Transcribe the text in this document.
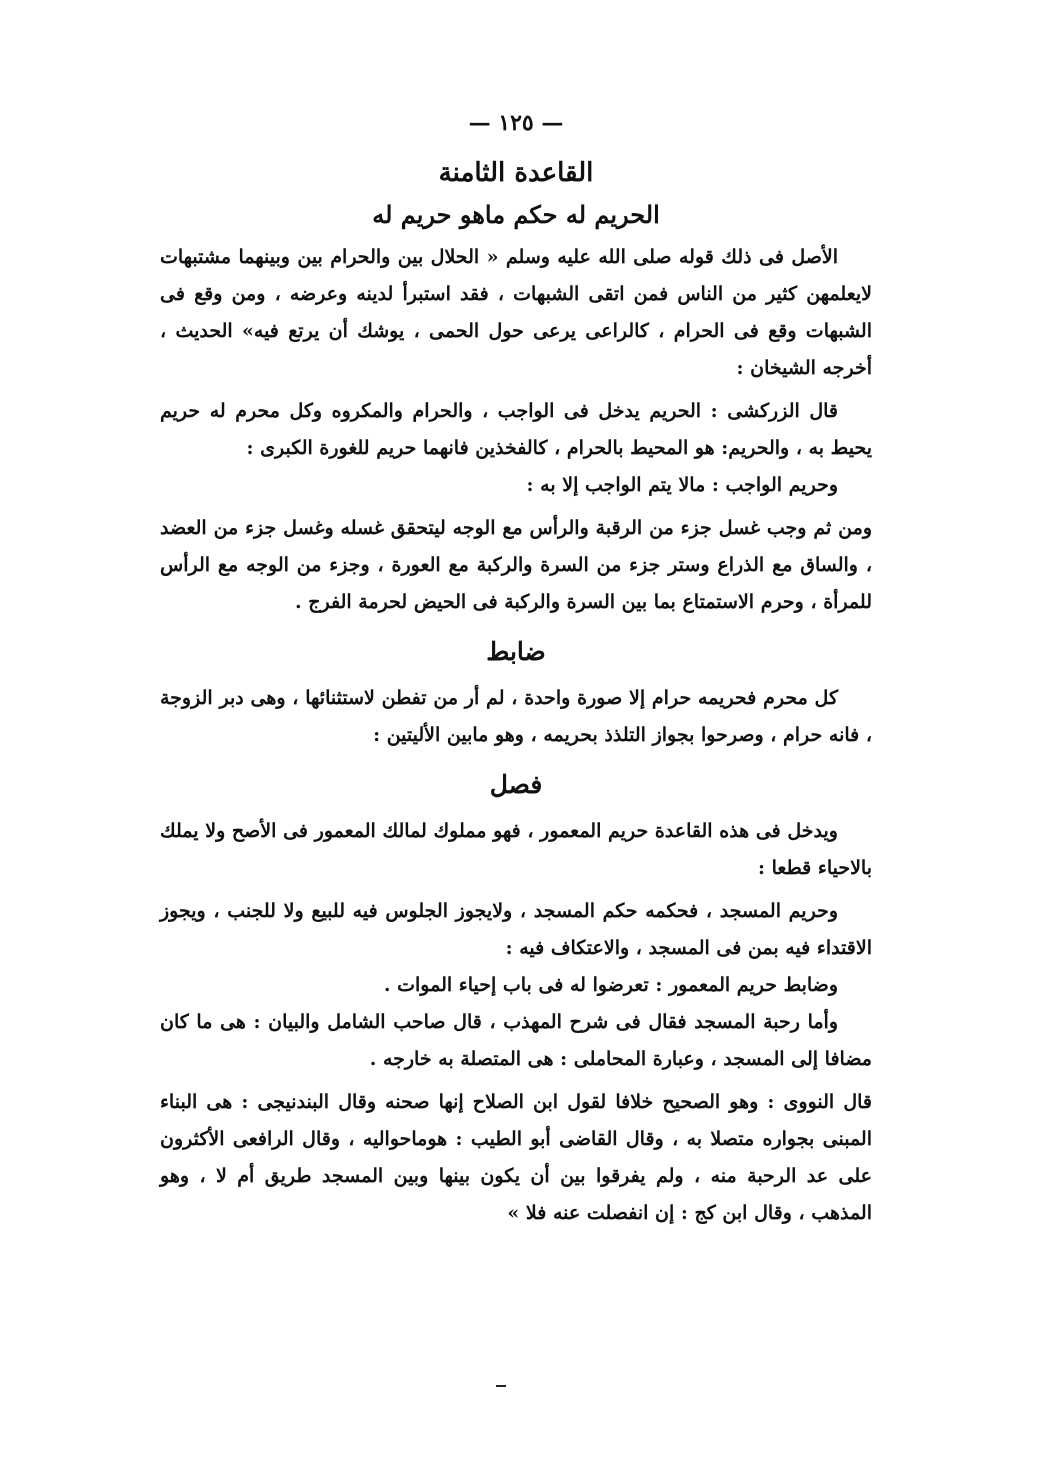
— ١٢٥ —
القاعدة الثامنة
الحريم له حكم ماهو حريم له

الأصل فى ذلك قوله صلى الله عليه وسلم « الحلال بين والحرام بين وبينهما مشتبهات لايعلمهن كثير من الناس فمن اتقى الشبهات ، فقد استبرأ لدينه وعرضه ، ومن وقع فى الشبهات وقع فى الحرام ، كالراعى يرعى حول الحمى ، يوشك أن يرتع فيه» الحديث ، أخرجه الشيخان :

قال الزركشى : الحريم يدخل فى الواجب ، والحرام والمكروه وكل محرم له حريم يحيط به ، والحريم: هو المحيط بالحرام ، كالفخذين فانهما حريم للغورة الكبرى :

وحريم الواجب : مالا يتم الواجب إلا به :

ومن ثم وجب غسل جزء من الرقبة والرأس مع الوجه ليتحقق غسله وغسل جزء من العضد ، والساق مع الذراع وستر جزء من السرة والركبة مع العورة ، وجزء من الوجه مع الرأس للمرأة ، وحرم الاستمتاع بما بين السرة والركبة فى الحيض لحرمة الفرج .

ضابط

كل محرم فحريمه حرام إلا صورة واحدة ، لم أر من تفطن لاستثنائها ، وهى دبر الزوجة ، فانه حرام ، وصرحوا بجواز التلذذ بحريمه ، وهو مابين الأليتين :

فصل

ويدخل فى هذه القاعدة حريم المعمور ، فهو مملوك لمالك المعمور فى الأصح ولا يملك بالاحياء قطعا :

وحريم المسجد ، فحكمه حكم المسجد ، ولايجوز الجلوس فيه للبيع ولا للجنب ، ويجوز الاقتداء فيه بمن فى المسجد ، والاعتكاف فيه :

وضابط حريم المعمور : تعرضوا له فى باب إحياء الموات .

وأما رحبة المسجد فقال فى شرح المهذب ، قال صاحب الشامل والبيان : هى ما كان مضافا إلى المسجد ، وعبارة المحاملى : هى المتصلة به خارجه .

قال النووى : وهو الصحيح خلافا لقول ابن الصلاح إنها صحنه وقال البندنيجى : هى البناء المبنى بجواره متصلا به ، وقال القاضى أبو الطيب : هوماحواليه ، وقال الرافعى الأكثرون على عد الرحبة منه ، ولم يفرقوا بين أن يكون بينها وبين المسجد طريق أم لا ، وهو المذهب ، وقال ابن كج : إن انفصلت عنه فلا »
